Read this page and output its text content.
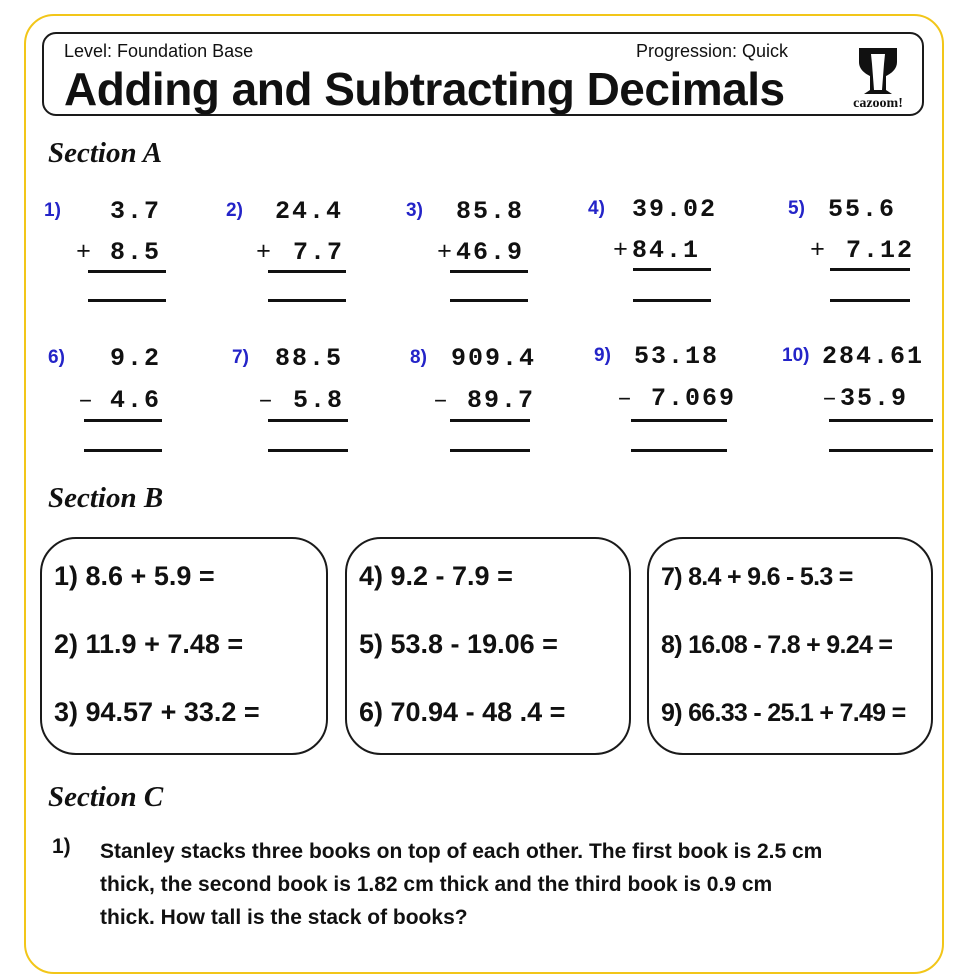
Level: Foundation Base	Progression: Quick
Adding and Subtracting Decimals	cazoom!
Section A
1) 3.7
+ 8.5
2) 24.4
+ 7.7
3) 85.8
+ 46.9
4) 39.02
+ 84.1
5) 55.6
+ 7.12
6) 9.2
– 4.6
7) 88.5
– 5.8
8) 909.4
– 89.7
9) 53.18
– 7.069
10) 284.61
– 35.9
Section B
1) 8.6 + 5.9 =
2) 11.9 + 7.48 =
3) 94.57 + 33.2 =
4) 9.2 - 7.9 =
5) 53.8 - 19.06 =
6) 70.94 - 48 .4 =
7) 8.4 + 9.6 - 5.3 =
8) 16.08 - 7.8 + 9.24 =
9) 66.33 - 25.1 + 7.49 =
Section C
1) Stanley stacks three books on top of each other. The first book is 2.5 cm
thick, the second book is 1.82 cm thick and the third book is 0.9 cm
thick. How tall is the stack of books?
